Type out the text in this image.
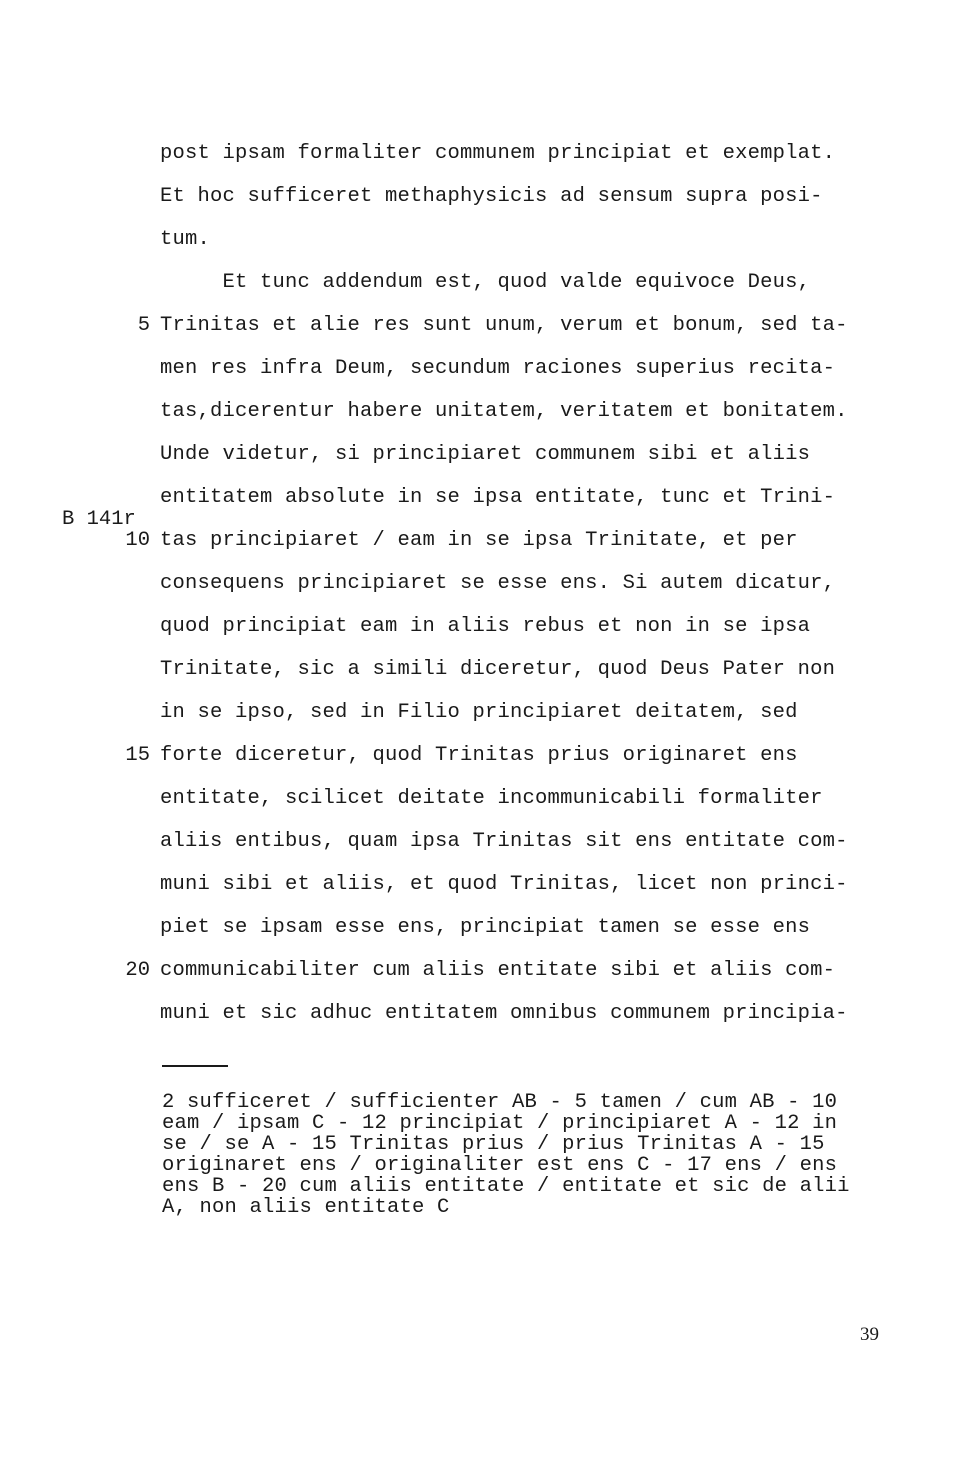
post ipsam formaliter communem principiat et exemplat.
Et hoc sufficeret methaphysicis ad sensum supra posi-
tum.
Et tunc addendum est, quod valde equivoce Deus,
Trinitas et alie res sunt unum, verum et bonum, sed ta-
men res infra Deum, secundum raciones superius recita-
tas,dicerentur habere unitatem, veritatem et bonitatem.
Unde videtur, si principiaret communem sibi et aliis
entitatem absolute in se ipsa entitate, tunc et Trini-
tas principiaret / eam in se ipsa Trinitate, et per
consequens principiaret se esse ens. Si autem dicatur,
quod principiat eam in aliis rebus et non in se ipsa
Trinitate, sic a simili diceretur, quod Deus Pater non
in se ipso, sed in Filio principiaret deitatem, sed
forte diceretur, quod Trinitas prius originaret ens
entitate, scilicet deitate incommunicabili formaliter
aliis entibus, quam ipsa Trinitas sit ens entitate com-
muni sibi et aliis, et quod Trinitas, licet non princi-
piet se ipsam esse ens, principiat tamen se esse ens
communicabiliter cum aliis entitate sibi et aliis com-
muni et sic adhuc entitatem omnibus communem principia-
5
10
15
20
B 141r
2 sufficeret / sufficienter AB - 5 tamen / cum AB - 10
eam / ipsam C - 12 principiat / principiaret A - 12 in
se / se A - 15 Trinitas prius / prius Trinitas A - 15
originaret ens / originaliter est ens C - 17 ens / ens
ens B - 20 cum aliis entitate / entitate et sic de alii
A, non aliis entitate C
39
